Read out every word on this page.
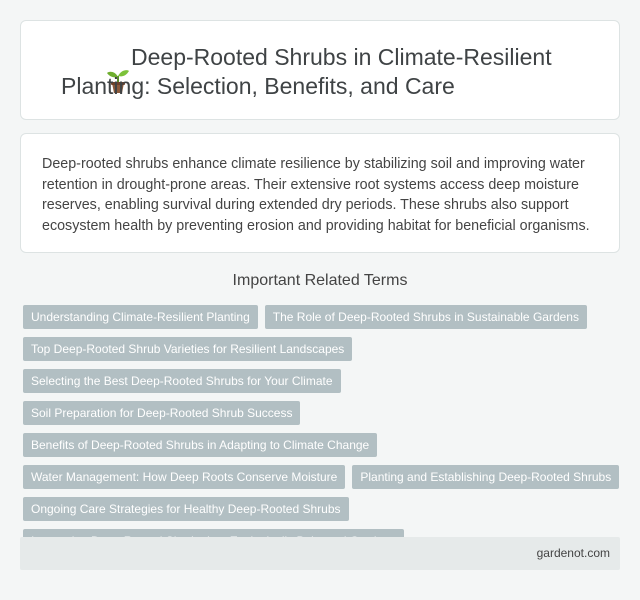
Deep-Rooted Shrubs in Climate-Resilient Planting: Selection, Benefits, and Care

Deep-rooted shrubs enhance climate resilience by stabilizing soil and improving water retention in drought-prone areas. Their extensive root systems access deep moisture reserves, enabling survival during extended dry periods. These shrubs also support ecosystem health by preventing erosion and providing habitat for beneficial organisms.

Important Related Terms
Understanding Climate-Resilient Planting	The Role of Deep-Rooted Shrubs in Sustainable Gardens
Top Deep-Rooted Shrub Varieties for Resilient Landscapes
Selecting the Best Deep-Rooted Shrubs for Your Climate
Soil Preparation for Deep-Rooted Shrub Success
Benefits of Deep-Rooted Shrubs in Adapting to Climate Change
Water Management: How Deep Roots Conserve Moisture	Planting and Establishing Deep-Rooted Shrubs
Ongoing Care Strategies for Healthy Deep-Rooted Shrubs
gardenot.com
